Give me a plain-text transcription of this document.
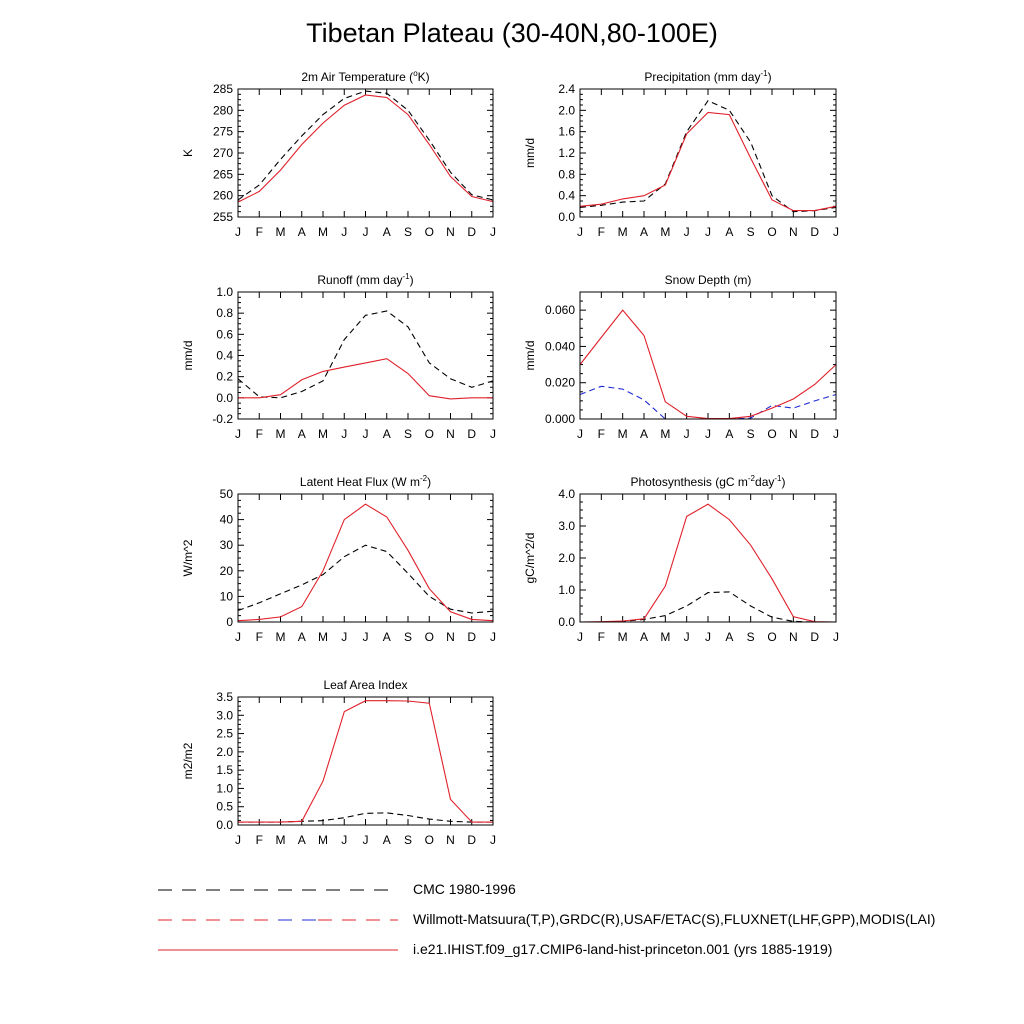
Tibetan Plateau (30-40N,80-100E)
2m Air Temperature ($^o$K)
K
255
260
265
270
275
280
285
J F M A M J J A S O N D J
Precipitation (mm day$^{-1}$)
mm/d
0.0
0.4
0.8
1.2
1.6
2.0
2.4
J F M A M J J A S O N D J
Runoff (mm day$^{-1}$)
mm/d
-0.2
0.0
0.2
0.4
0.6
0.8
1.0
J F M A M J J A S O N D J
Snow Depth (m)
mm/d
0.000
0.020
0.040
0.060
J F M A M J J A S O N D J
Latent Heat Flux (W $m^{-2}$)
W/m^2
0
10
20
30
40
50
J F M A M J J A S O N D J
Photosynthesis (gC $m^{-2}day^{-1}$)
gC/m^2/d
0.0
1.0
2.0
3.0
4.0
J F M A M J J A S O N D J
Leaf Area Index
m2/m2
0.0
0.5
1.0
1.5
2.0
2.5
3.0
3.5
J F M A M J J A S O N D J
CMC 1980-1996
Willmott-Matsuura(T,P),GRDC(R),USAF/ETAC(S),FLUXNET(LHF,GPP),MODIS(LAI)
i.e21.IHIST.f09_g17.CMIP6-land-hist-princeton.001 (yrs 1885-1919)
